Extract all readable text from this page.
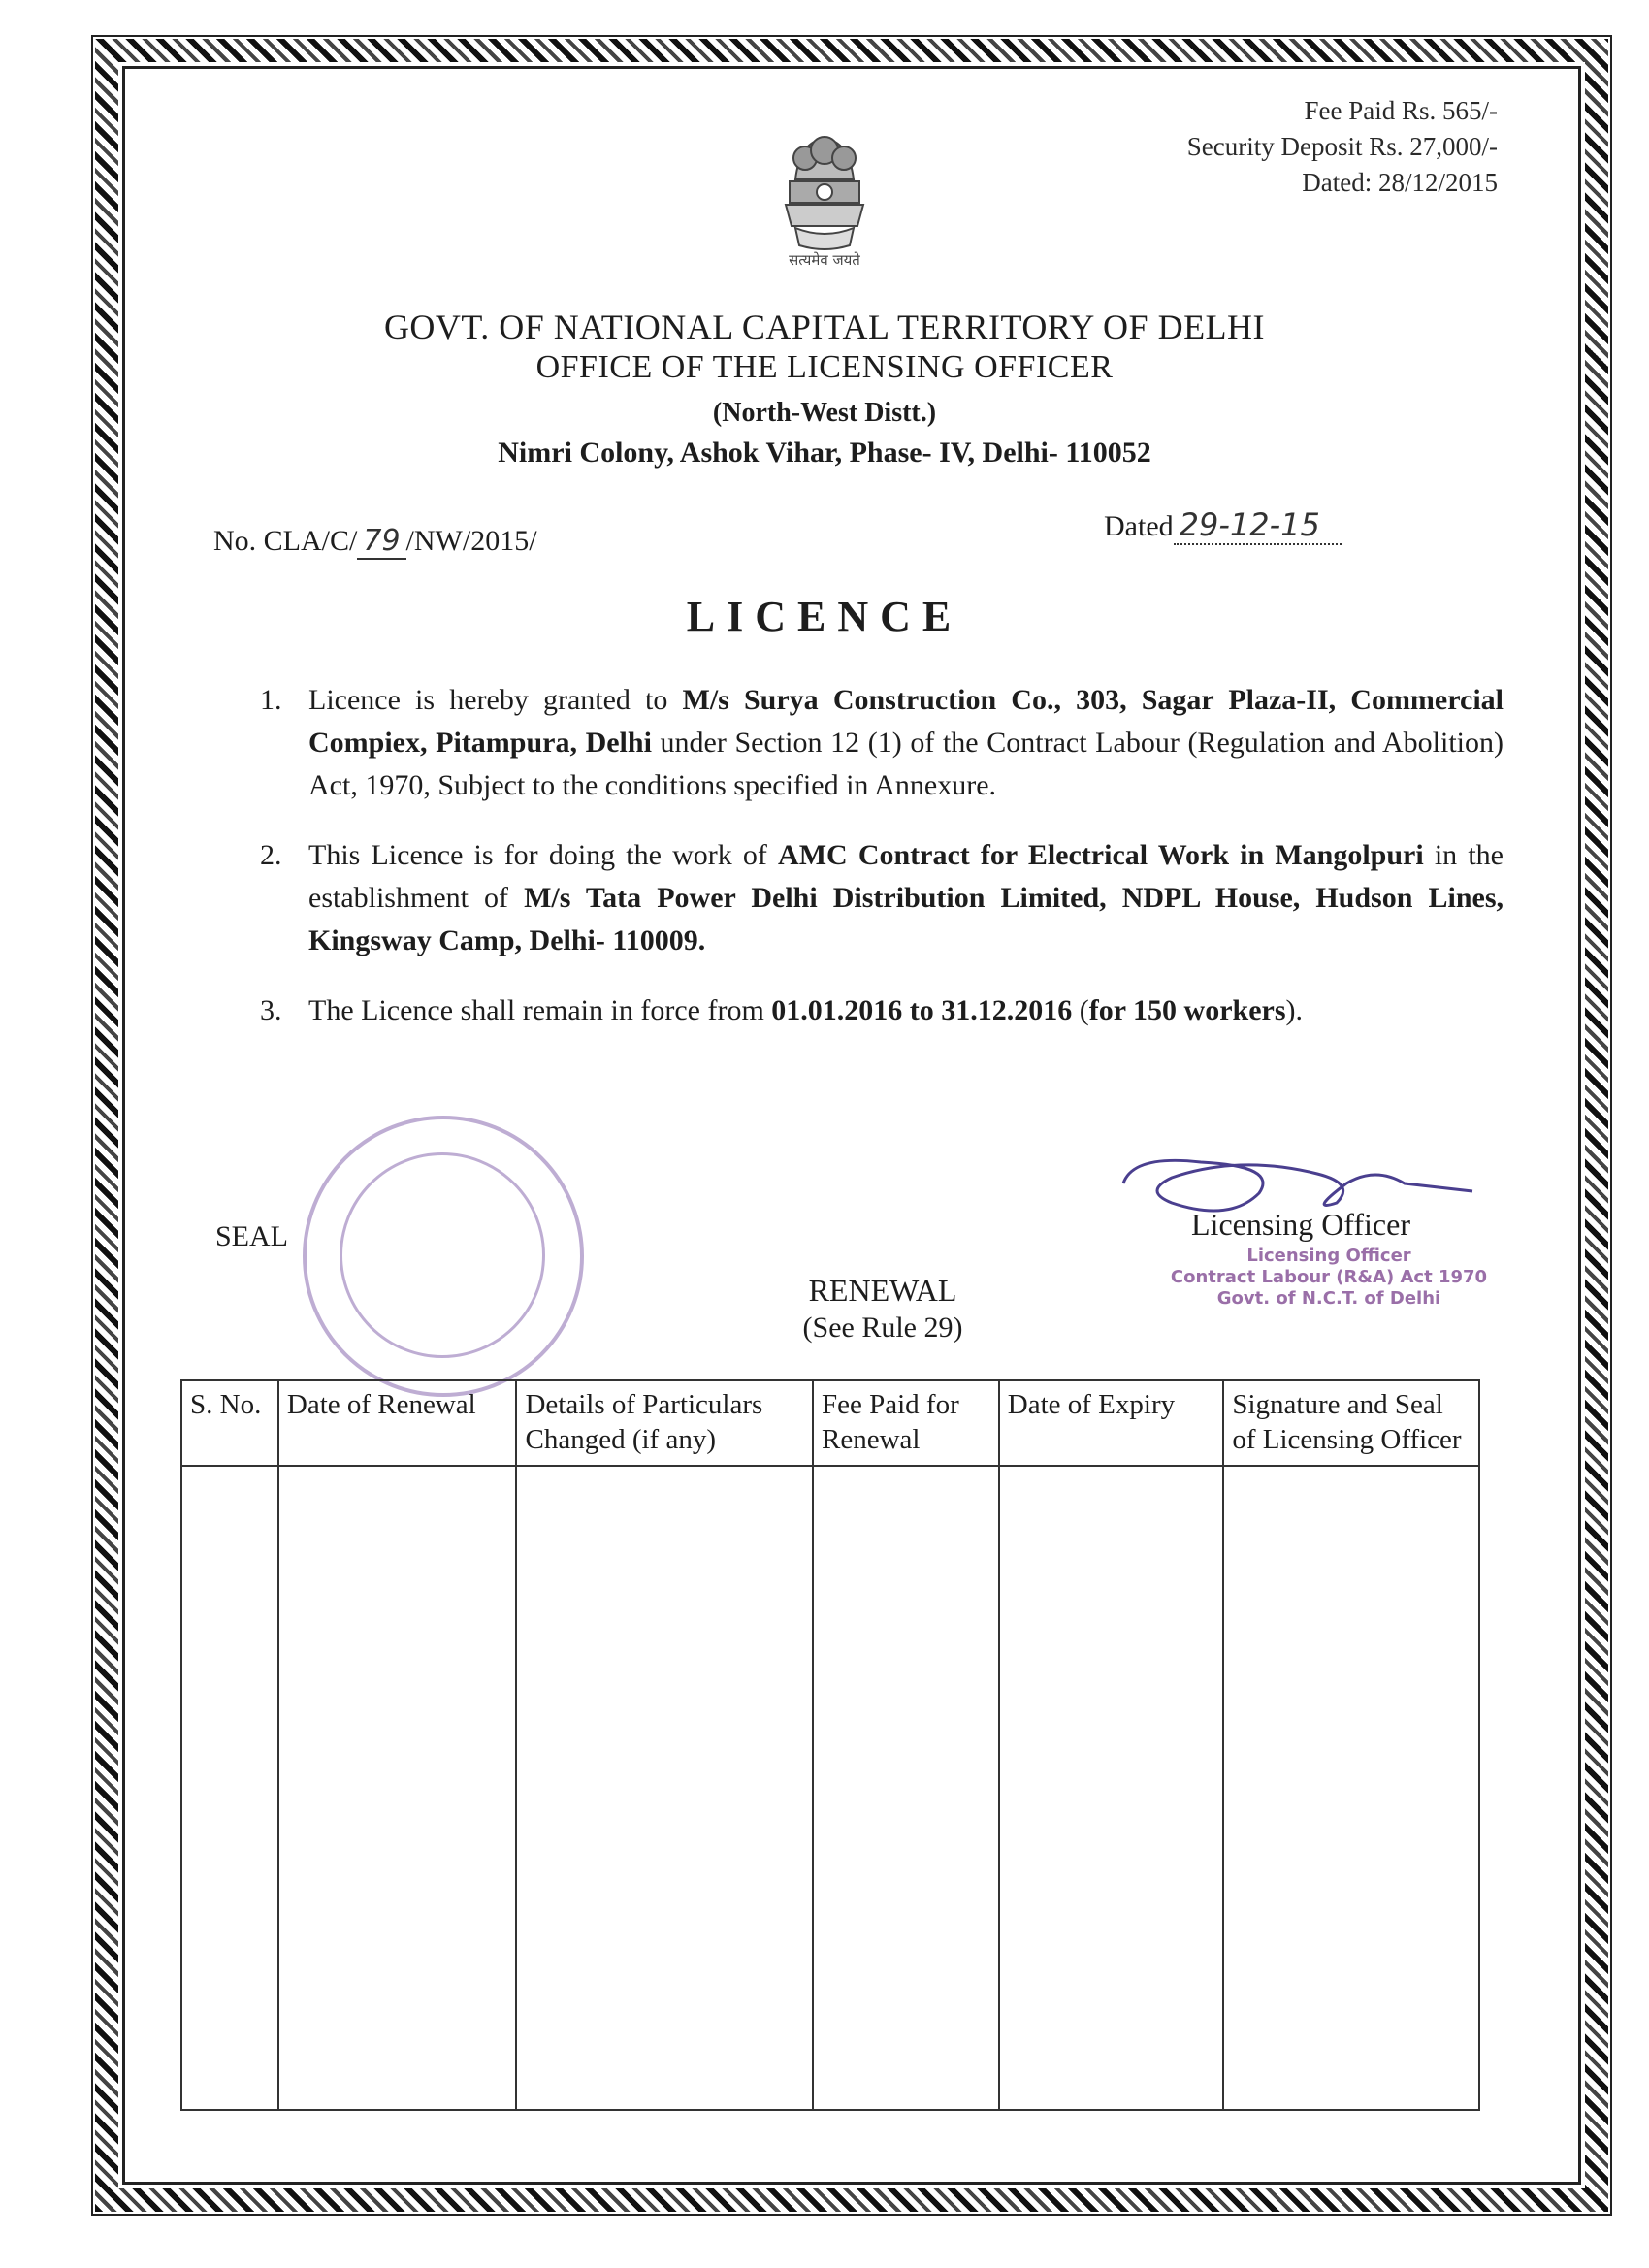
सत्यमेव जयते
Fee Paid Rs. 565/-
Security Deposit Rs. 27,000/-
Dated: 28/12/2015
GOVT. OF NATIONAL CAPITAL TERRITORY OF DELHI
OFFICE OF THE LICENSING OFFICER
(North-West Distt.)
Nimri Colony, Ashok Vihar, Phase- IV, Delhi- 110052
No. CLA/C/ 79 /NW/2015/	Dated 29-12-15
LICENCE
1. Licence is hereby granted to M/s Surya Construction Co., 303, Sagar Plaza-II, Commercial Compiex, Pitampura, Delhi under Section 12 (1) of the Contract Labour (Regulation and Abolition) Act, 1970, Subject to the conditions specified in Annexure.
2. This Licence is for doing the work of AMC Contract for Electrical Work in Mangolpuri in the establishment of M/s Tata Power Delhi Distribution Limited, NDPL House, Hudson Lines, Kingsway Camp, Delhi- 110009.
3. The Licence shall remain in force from 01.01.2016 to 31.12.2016 (for 150 workers).
SEAL	Licensing Officer
Licensing Officer
Contract Labour (R&A) Act 1970
Govt. of N.C.T. of Delhi
RENEWAL
(See Rule 29)
S. No.	Date of Renewal	Details of Particulars Changed (if any)	Fee Paid for Renewal	Date of Expiry	Signature and Seal of Licensing Officer
